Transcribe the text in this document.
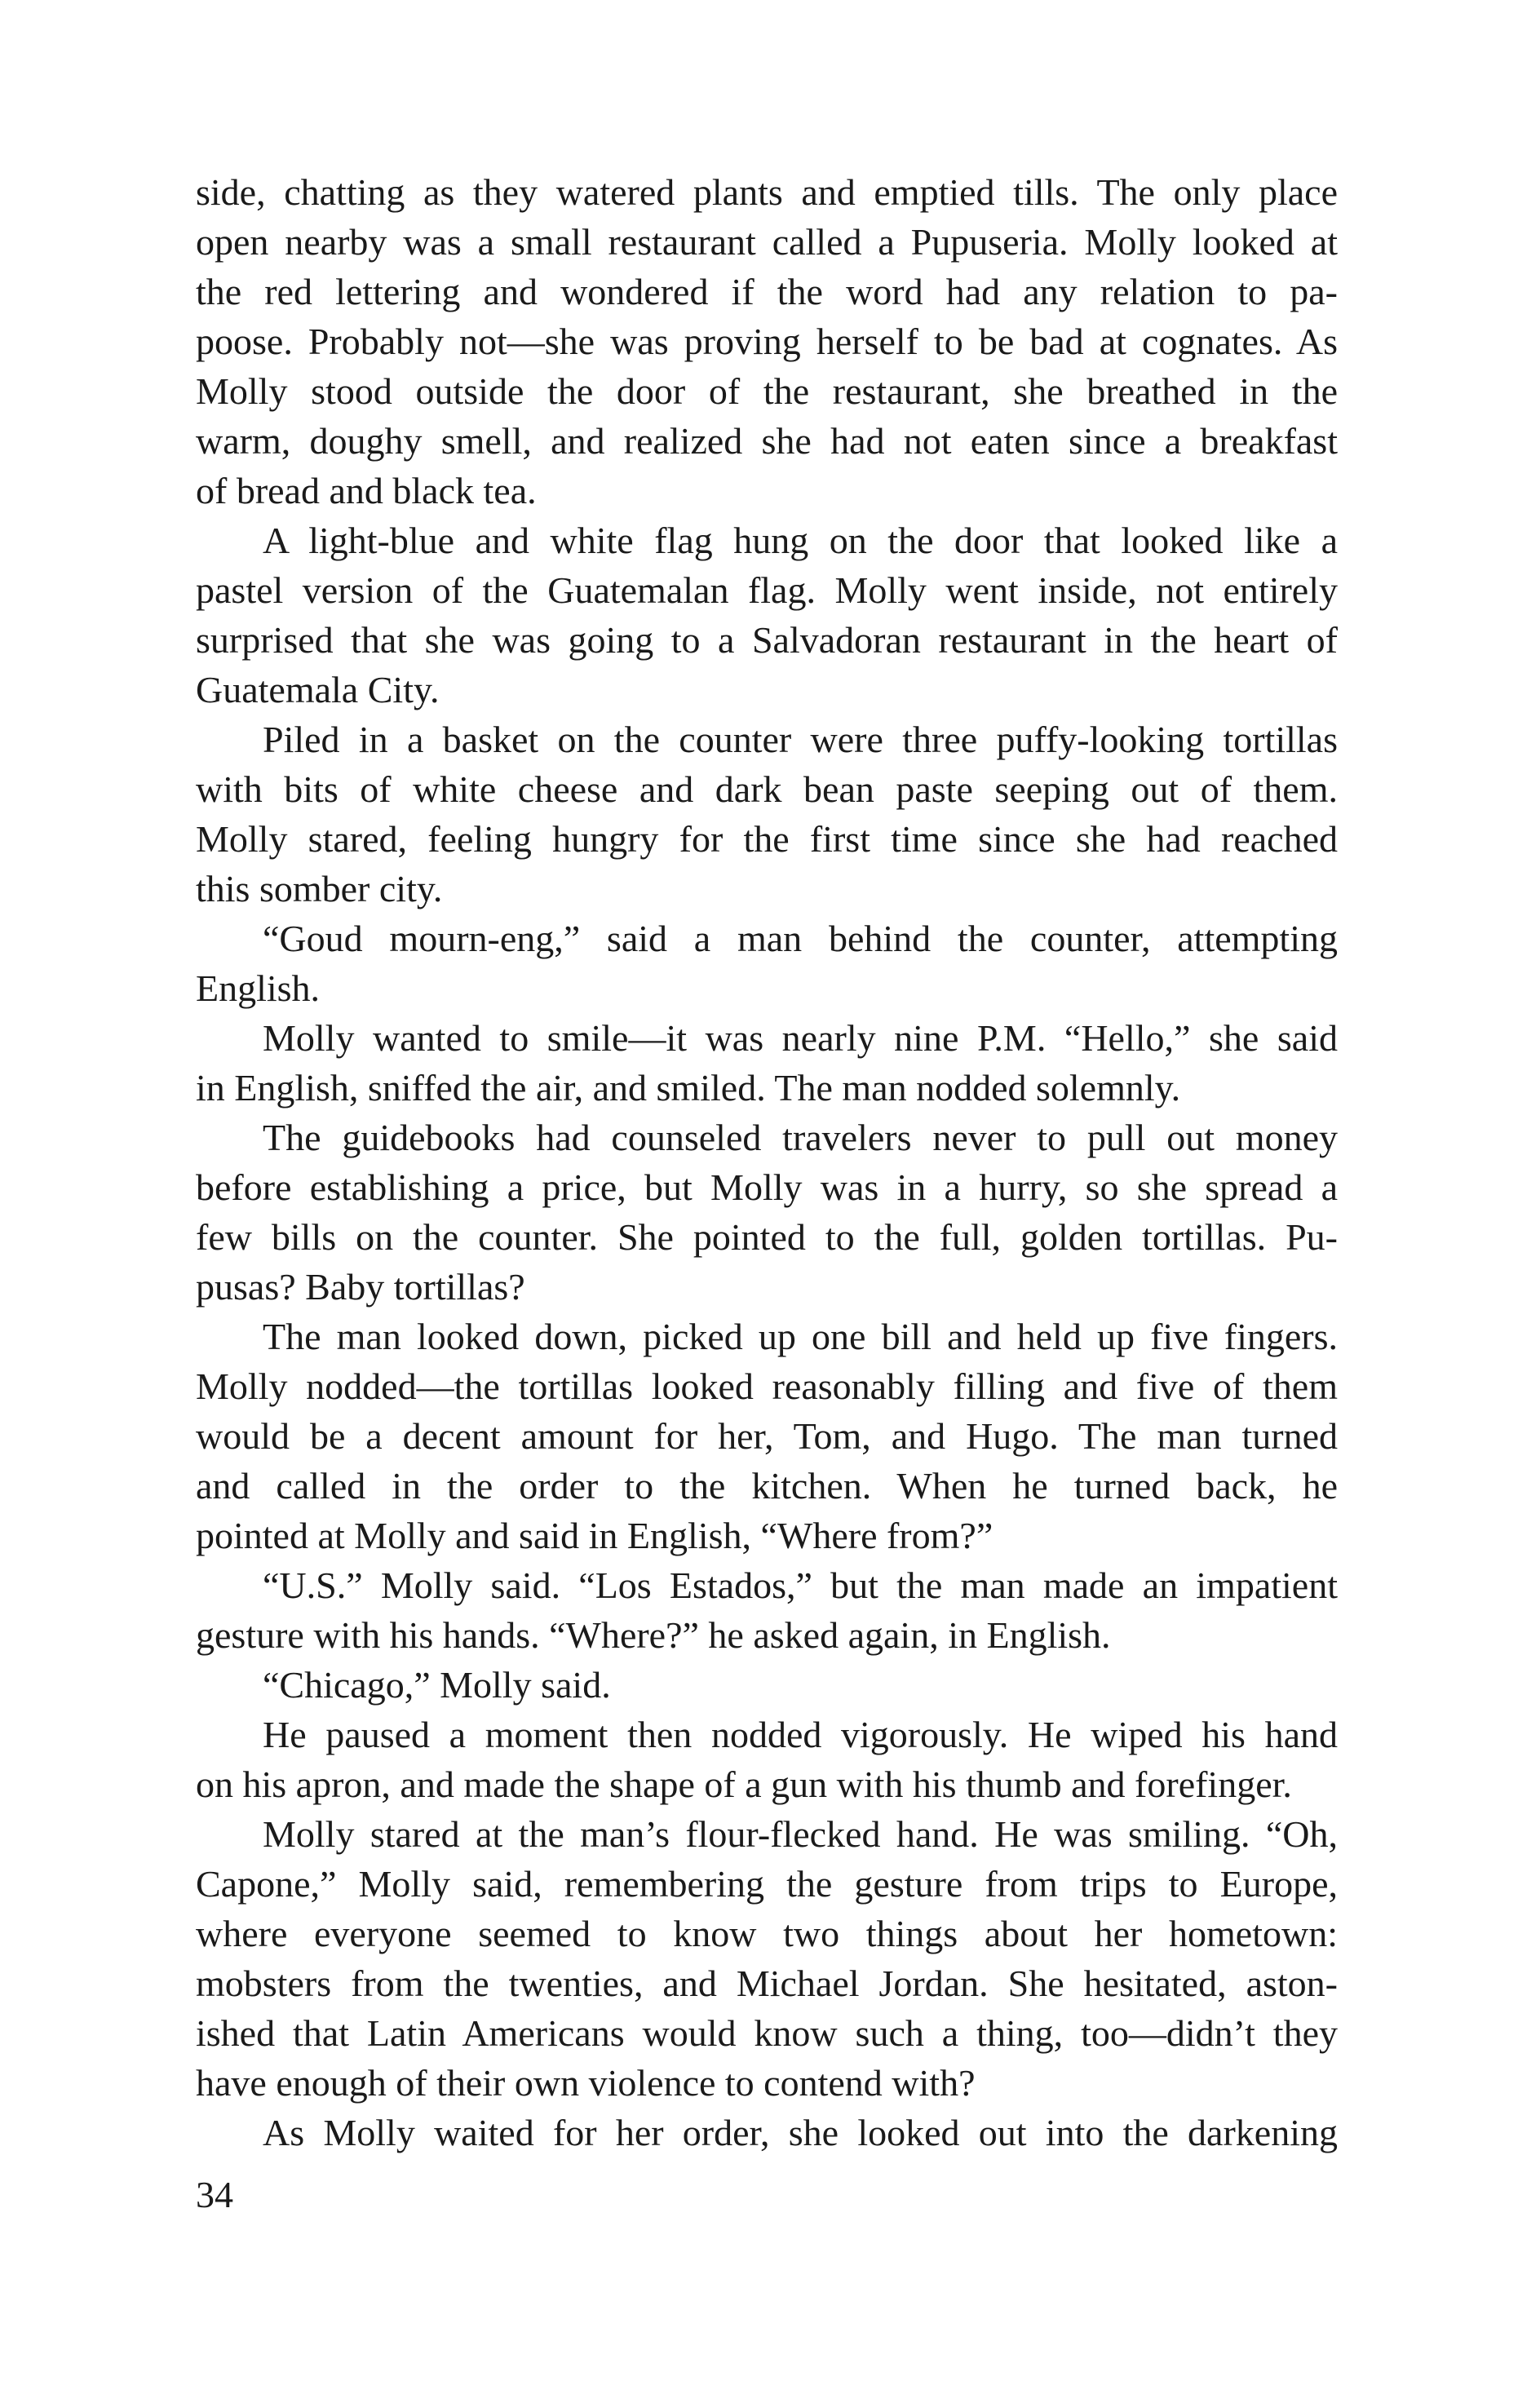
side, chatting as they watered plants and emptied tills. The only place
open nearby was a small restaurant called a Pupuseria. Molly looked at
the red lettering and wondered if the word had any relation to pa-
poose. Probably not—she was proving herself to be bad at cognates. As
Molly stood outside the door of the restaurant, she breathed in the
warm, doughy smell, and realized she had not eaten since a breakfast
of bread and black tea.
A light-blue and white flag hung on the door that looked like a
pastel version of the Guatemalan flag. Molly went inside, not entirely
surprised that she was going to a Salvadoran restaurant in the heart of
Guatemala City.
Piled in a basket on the counter were three puffy-looking tortillas
with bits of white cheese and dark bean paste seeping out of them.
Molly stared, feeling hungry for the first time since she had reached
this somber city.
“Goud mourn-eng,” said a man behind the counter, attempting
English.
Molly wanted to smile—it was nearly nine P.M. “Hello,” she said
in English, sniffed the air, and smiled. The man nodded solemnly.
The guidebooks had counseled travelers never to pull out money
before establishing a price, but Molly was in a hurry, so she spread a
few bills on the counter. She pointed to the full, golden tortillas. Pu-
pusas? Baby tortillas?
The man looked down, picked up one bill and held up five fingers.
Molly nodded—the tortillas looked reasonably filling and five of them
would be a decent amount for her, Tom, and Hugo. The man turned
and called in the order to the kitchen. When he turned back, he
pointed at Molly and said in English, “Where from?”
“U.S.” Molly said. “Los Estados,” but the man made an impatient
gesture with his hands. “Where?” he asked again, in English.
“Chicago,” Molly said.
He paused a moment then nodded vigorously. He wiped his hand
on his apron, and made the shape of a gun with his thumb and forefinger.
Molly stared at the man’s flour-flecked hand. He was smiling. “Oh,
Capone,” Molly said, remembering the gesture from trips to Europe,
where everyone seemed to know two things about her hometown:
mobsters from the twenties, and Michael Jordan. She hesitated, aston-
ished that Latin Americans would know such a thing, too—didn’t they
have enough of their own violence to contend with?
As Molly waited for her order, she looked out into the darkening
34
